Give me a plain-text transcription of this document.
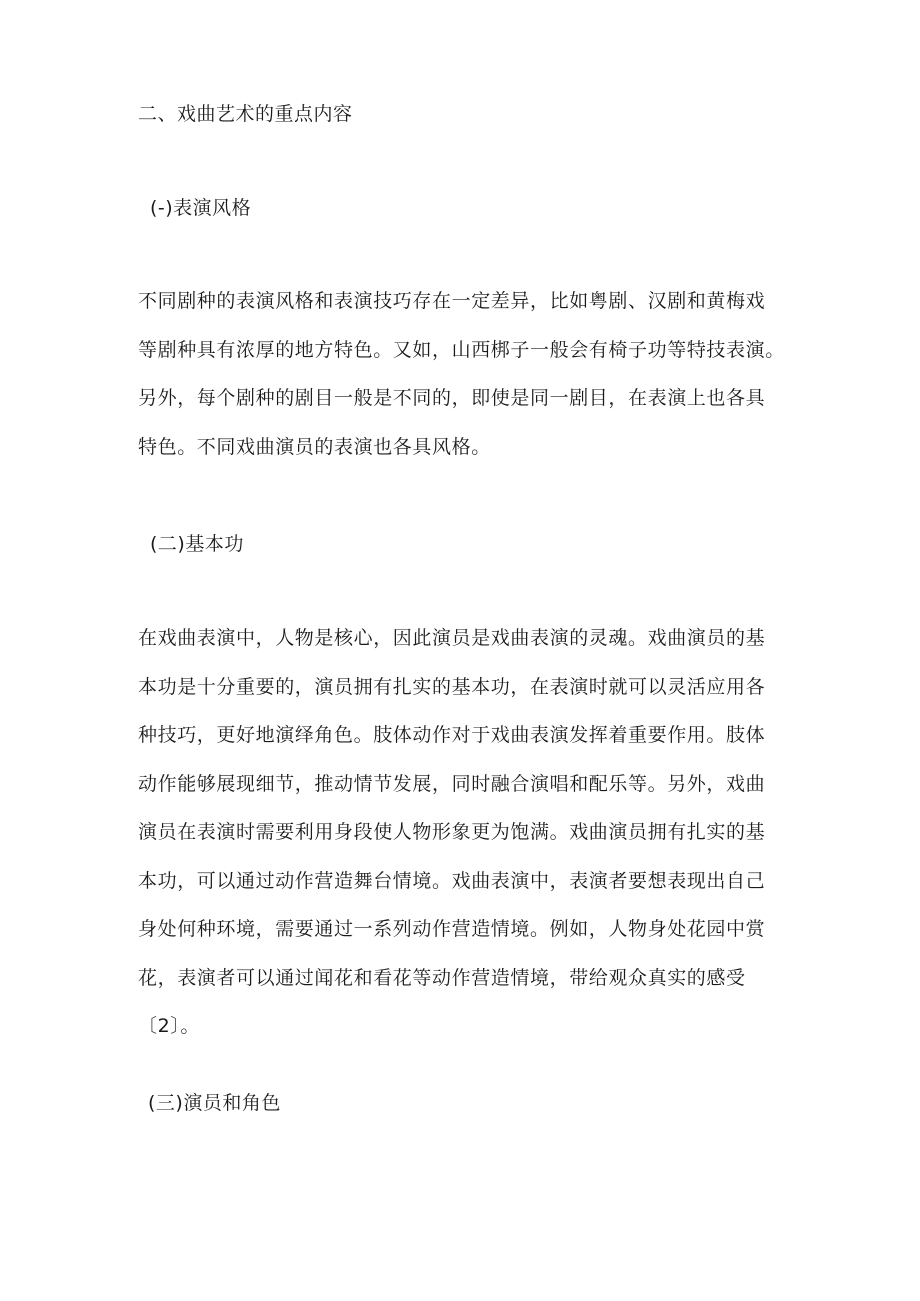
二、戏曲艺术的重点内容
(-)表演风格
不同剧种的表演风格和表演技巧存在一定差异，比如粤剧、汉剧和黄梅戏
等剧种具有浓厚的地方特色。又如，山西梆子一般会有椅子功等特技表演。
另外，每个剧种的剧目一般是不同的，即使是同一剧目，在表演上也各具
特色。不同戏曲演员的表演也各具风格。
(二)基本功
在戏曲表演中，人物是核心，因此演员是戏曲表演的灵魂。戏曲演员的基
本功是十分重要的，演员拥有扎实的基本功，在表演时就可以灵活应用各
种技巧，更好地演绎角色。肢体动作对于戏曲表演发挥着重要作用。肢体
动作能够展现细节，推动情节发展，同时融合演唱和配乐等。另外，戏曲
演员在表演时需要利用身段使人物形象更为饱满。戏曲演员拥有扎实的基
本功，可以通过动作营造舞台情境。戏曲表演中，表演者要想表现出自己
身处何种环境，需要通过一系列动作营造情境。例如，人物身处花园中赏
花，表演者可以通过闻花和看花等动作营造情境，带给观众真实的感受
〔2〕。
(三)演员和角色
